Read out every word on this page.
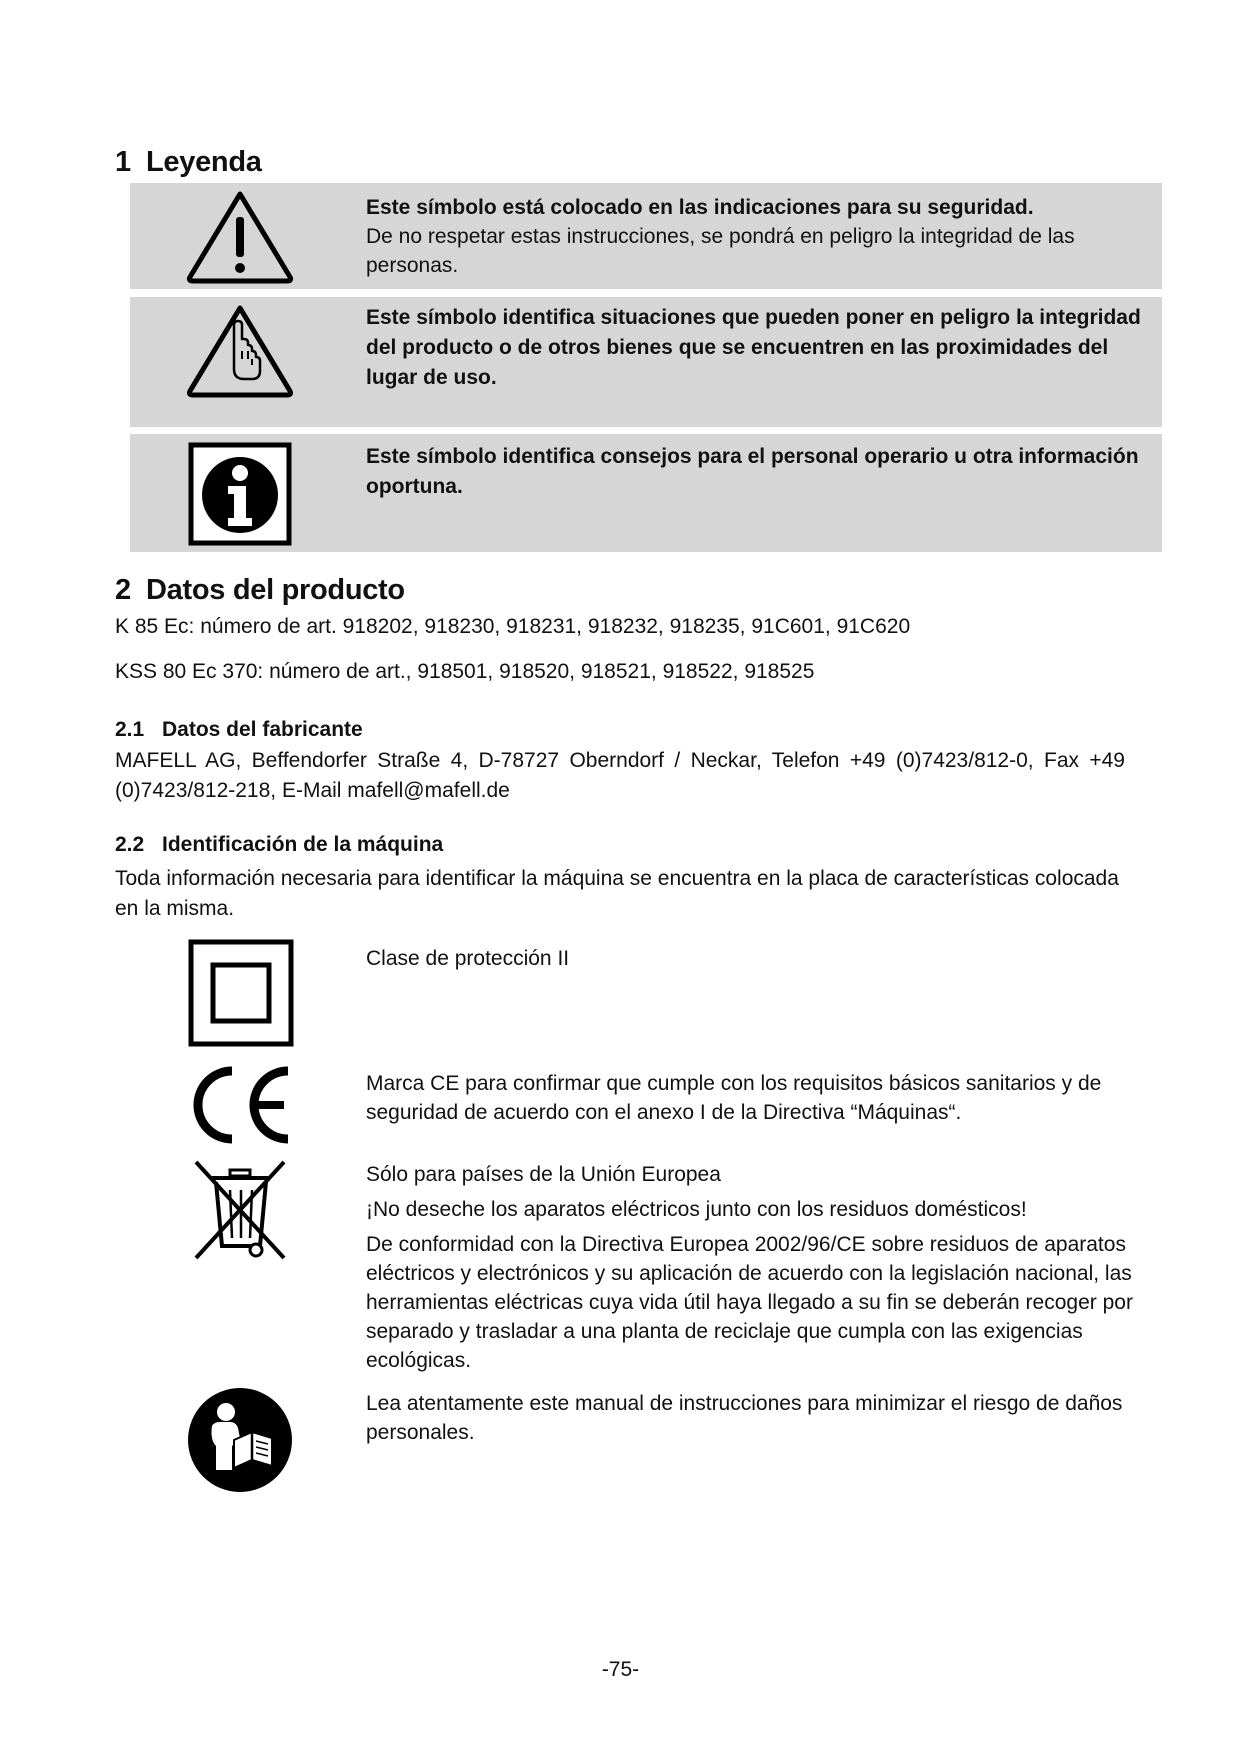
1 Leyenda
Este símbolo está colocado en las indicaciones para su seguridad.
De no respetar estas instrucciones, se pondrá en peligro la integridad de las personas.
Este símbolo identifica situaciones que pueden poner en peligro la integridad del producto o de otros bienes que se encuentren en las proximidades del lugar de uso.
Este símbolo identifica consejos para el personal operario u otra información oportuna.
2 Datos del producto
K 85 Ec: número de art. 918202, 918230, 918231, 918232, 918235, 91C601, 91C620
KSS 80 Ec 370: número de art., 918501, 918520, 918521, 918522, 918525
2.1 Datos del fabricante
MAFELL AG, Beffendorfer Straße 4, D-78727 Oberndorf / Neckar, Telefon +49 (0)7423/812-0, Fax +49 (0)7423/812-218, E-Mail mafell@mafell.de
2.2 Identificación de la máquina
Toda información necesaria para identificar la máquina se encuentra en la placa de características colocada en la misma.

Clase de protección II

Marca CE para confirmar que cumple con los requisitos básicos sanitarios y de seguridad de acuerdo con el anexo I de la Directiva “Máquinas“.

Sólo para países de la Unión Europea

¡No deseche los aparatos eléctricos junto con los residuos domésticos!

De conformidad con la Directiva Europea 2002/96/CE sobre residuos de aparatos eléctricos y electrónicos y su aplicación de acuerdo con la legislación nacional, las herramientas eléctricas cuya vida útil haya llegado a su fin se deberán recoger por separado y trasladar a una planta de reciclaje que cumpla con las exigencias ecológicas.

Lea atentamente este manual de instrucciones para minimizar el riesgo de daños personales.

-75-
